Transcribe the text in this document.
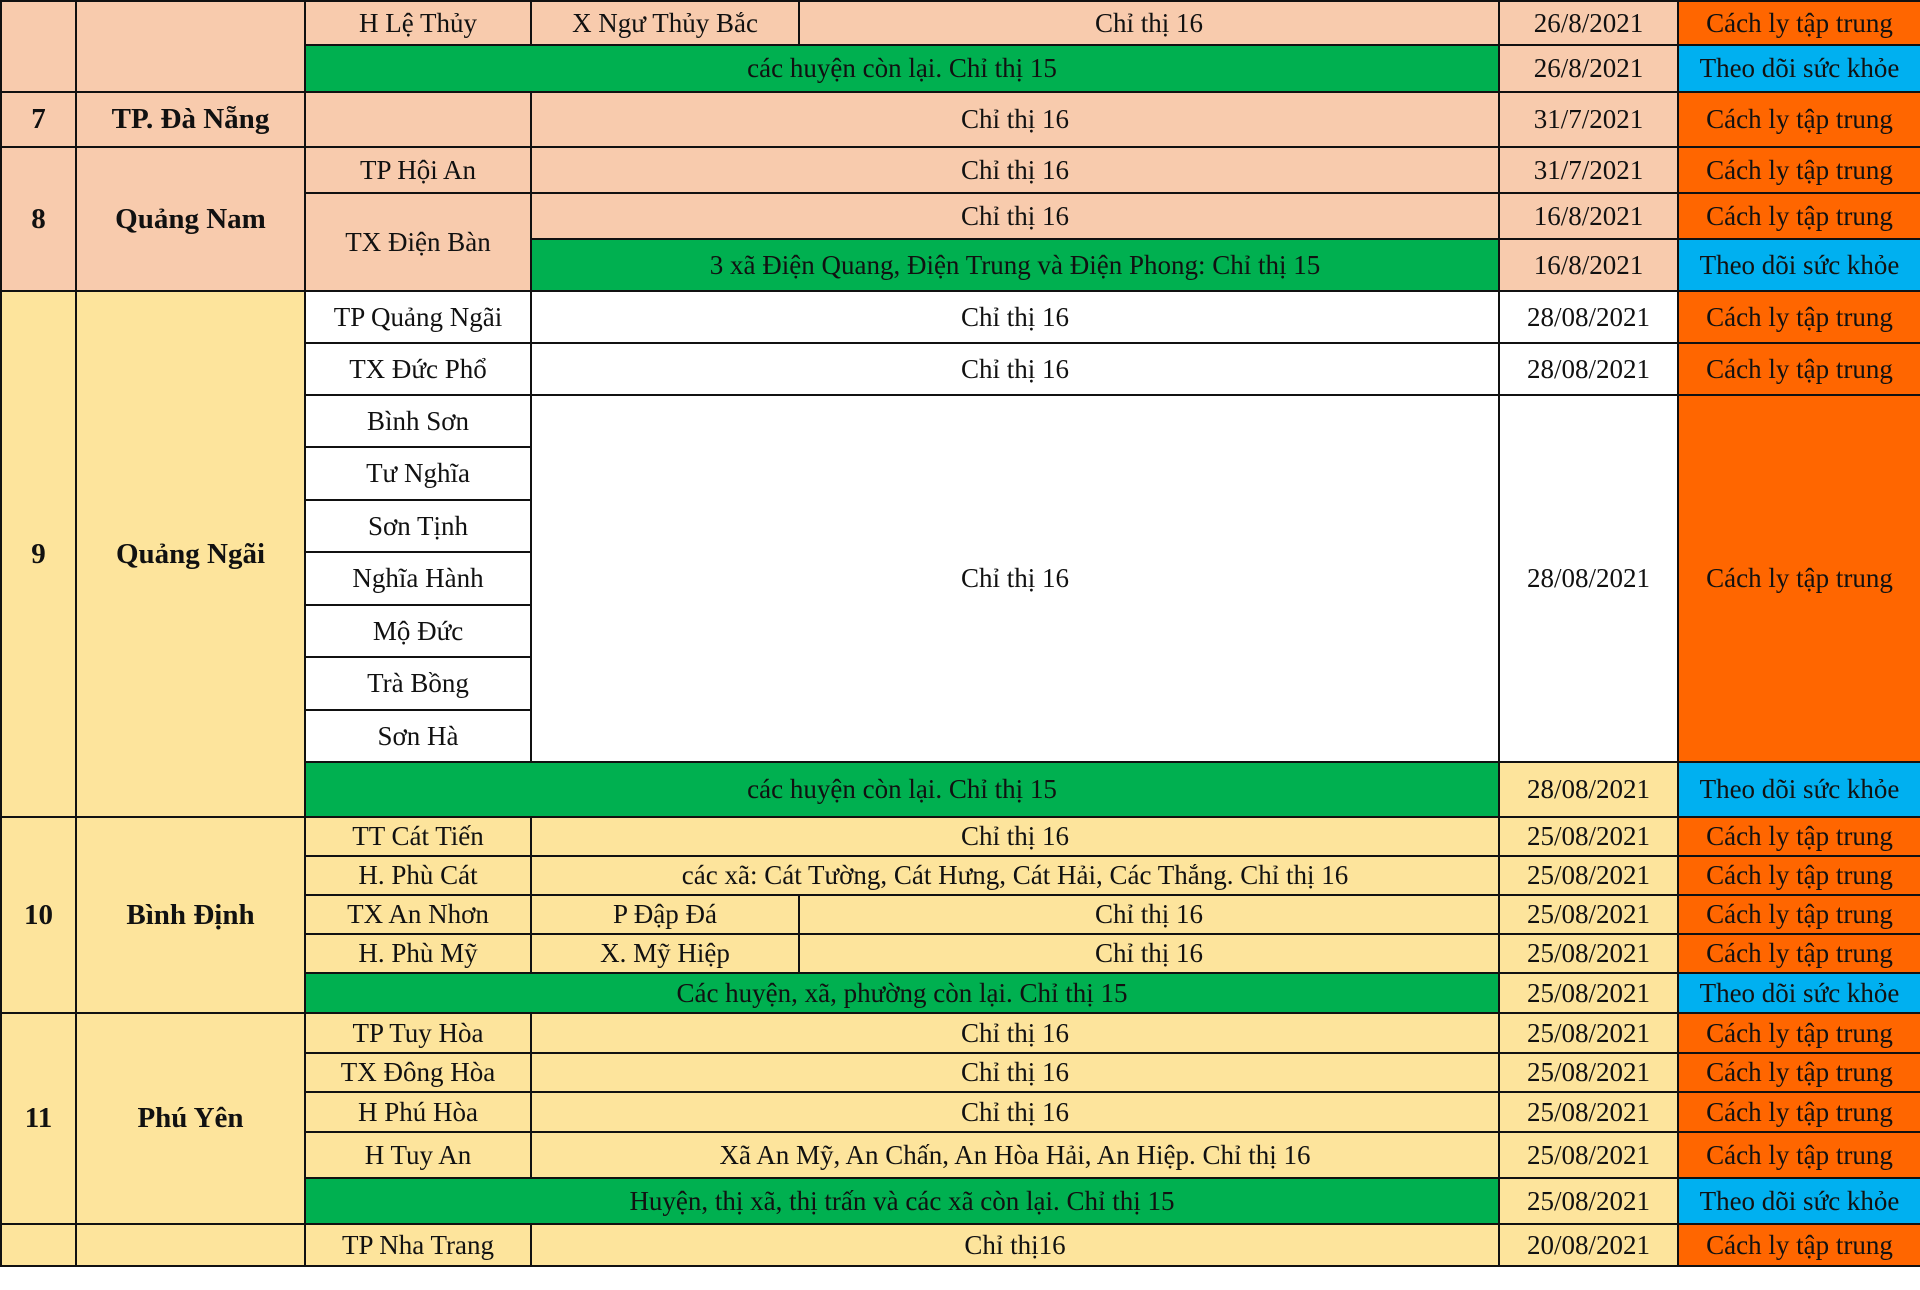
		H Lệ Thủy	X Ngư Thủy Bắc	Chỉ thị 16	26/8/2021	Cách ly tập trung
		các huyện còn lại. Chỉ thị 15			26/8/2021	Theo dõi sức khỏe
7	TP. Đà Nẵng		Chỉ thị 16		31/7/2021	Cách ly tập trung
8	Quảng Nam	TP Hội An	Chỉ thị 16		31/7/2021	Cách ly tập trung
		TX Điện Bàn	Chỉ thị 16		16/8/2021	Cách ly tập trung
			3 xã Điện Quang, Điện Trung và Điện Phong: Chỉ thị 15		16/8/2021	Theo dõi sức khỏe

9	Quảng Ngãi	TP Quảng Ngãi	Chỉ thị 16		28/08/2021	Cách ly tập trung
		TX Đức Phổ	Chỉ thị 16		28/08/2021	Cách ly tập trung
		Bình Sơn	Chỉ thị 16		28/08/2021	Cách ly tập trung
		Tư Nghĩa				
		Sơn Tịnh				
		Nghĩa Hành				
		Mộ Đức				
		Trà Bồng				
		Sơn Hà				
		các huyện còn lại. Chỉ thị 15			28/08/2021	Theo dõi sức khỏe

10	Bình Định	TT Cát Tiến	Chỉ thị 16		25/08/2021	Cách ly tập trung
		H. Phù Cát	các xã: Cát Tường, Cát Hưng, Cát Hải, Các Thắng. Chỉ thị 16		25/08/2021	Cách ly tập trung
		TX An Nhơn	P Đập Đá	Chỉ thị 16	25/08/2021	Cách ly tập trung
		H. Phù Mỹ	X. Mỹ Hiệp	Chỉ thị 16	25/08/2021	Cách ly tập trung
		Các huyện, xã, phường còn lại. Chỉ thị 15			25/08/2021	Theo dõi sức khỏe
11	Phú Yên	TP Tuy Hòa	Chỉ thị 16		25/08/2021	Cách ly tập trung
		TX Đông Hòa	Chỉ thị 16		25/08/2021	Cách ly tập trung
		H Phú Hòa	Chỉ thị 16		25/08/2021	Cách ly tập trung
		H Tuy An	Xã An Mỹ, An Chấn, An Hòa Hải, An Hiệp. Chỉ thị 16		25/08/2021	Cách ly tập trung
		Huyện, thị xã, thị trấn và các xã còn lại. Chỉ thị 15			25/08/2021	Theo dõi sức khỏe
		TP Nha Trang	Chỉ thị16		20/08/2021	Cách ly tập trung
